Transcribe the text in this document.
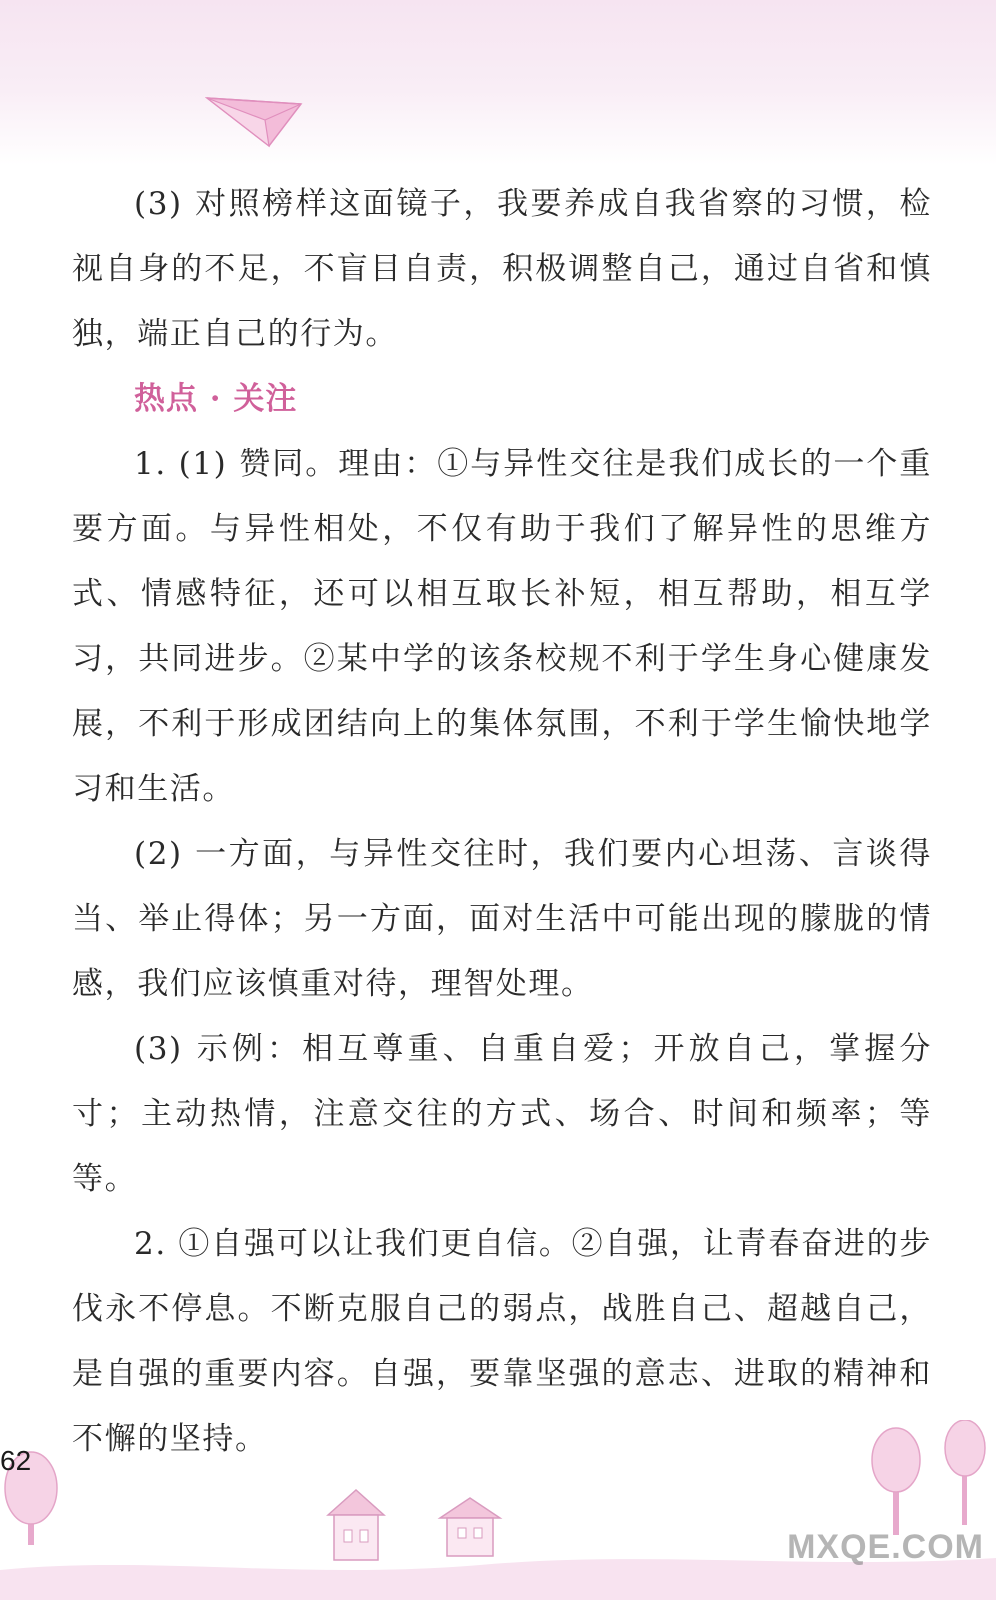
(3) 对照榜样这面镜子，我要养成自我省察的习惯，检视自身的不足，不盲目自责，积极调整自己，通过自省和慎独，端正自己的行为。

热点 · 关注

1. (1) 赞同。理由：①与异性交往是我们成长的一个重要方面。与异性相处，不仅有助于我们了解异性的思维方式、情感特征，还可以相互取长补短，相互帮助，相互学习，共同进步。②某中学的该条校规不利于学生身心健康发展，不利于形成团结向上的集体氛围，不利于学生愉快地学习和生活。

(2) 一方面，与异性交往时，我们要内心坦荡、言谈得当、举止得体；另一方面，面对生活中可能出现的朦胧的情感，我们应该慎重对待，理智处理。

(3) 示例：相互尊重、自重自爱；开放自己，掌握分寸；主动热情，注意交往的方式、场合、时间和频率；等等。

2. ①自强可以让我们更自信。②自强，让青春奋进的步伐永不停息。不断克服自己的弱点，战胜自己、超越自己，是自强的重要内容。自强，要靠坚强的意志、进取的精神和不懈的坚持。

62
MXQE.COM
